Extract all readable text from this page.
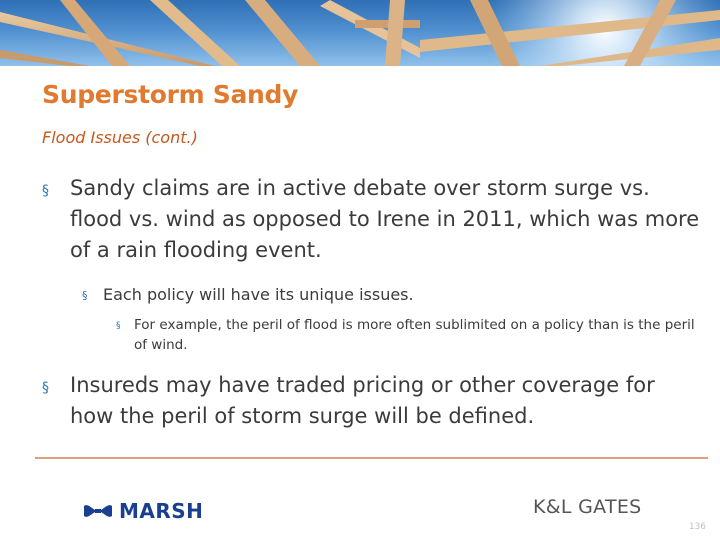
Superstorm Sandy
Flood Issues (cont.)
§	Sandy claims are in active debate over storm surge vs. flood vs. wind as opposed to Irene in 2011, which was more of a rain flooding event.
§ Each policy will have its unique issues.
§	For example, the peril of flood is more often sublimited on a policy than is the peril of wind.
§	Insureds may have traded pricing or other coverage for how the peril of storm surge will be defined.
MARSH	K&L GATES
136
